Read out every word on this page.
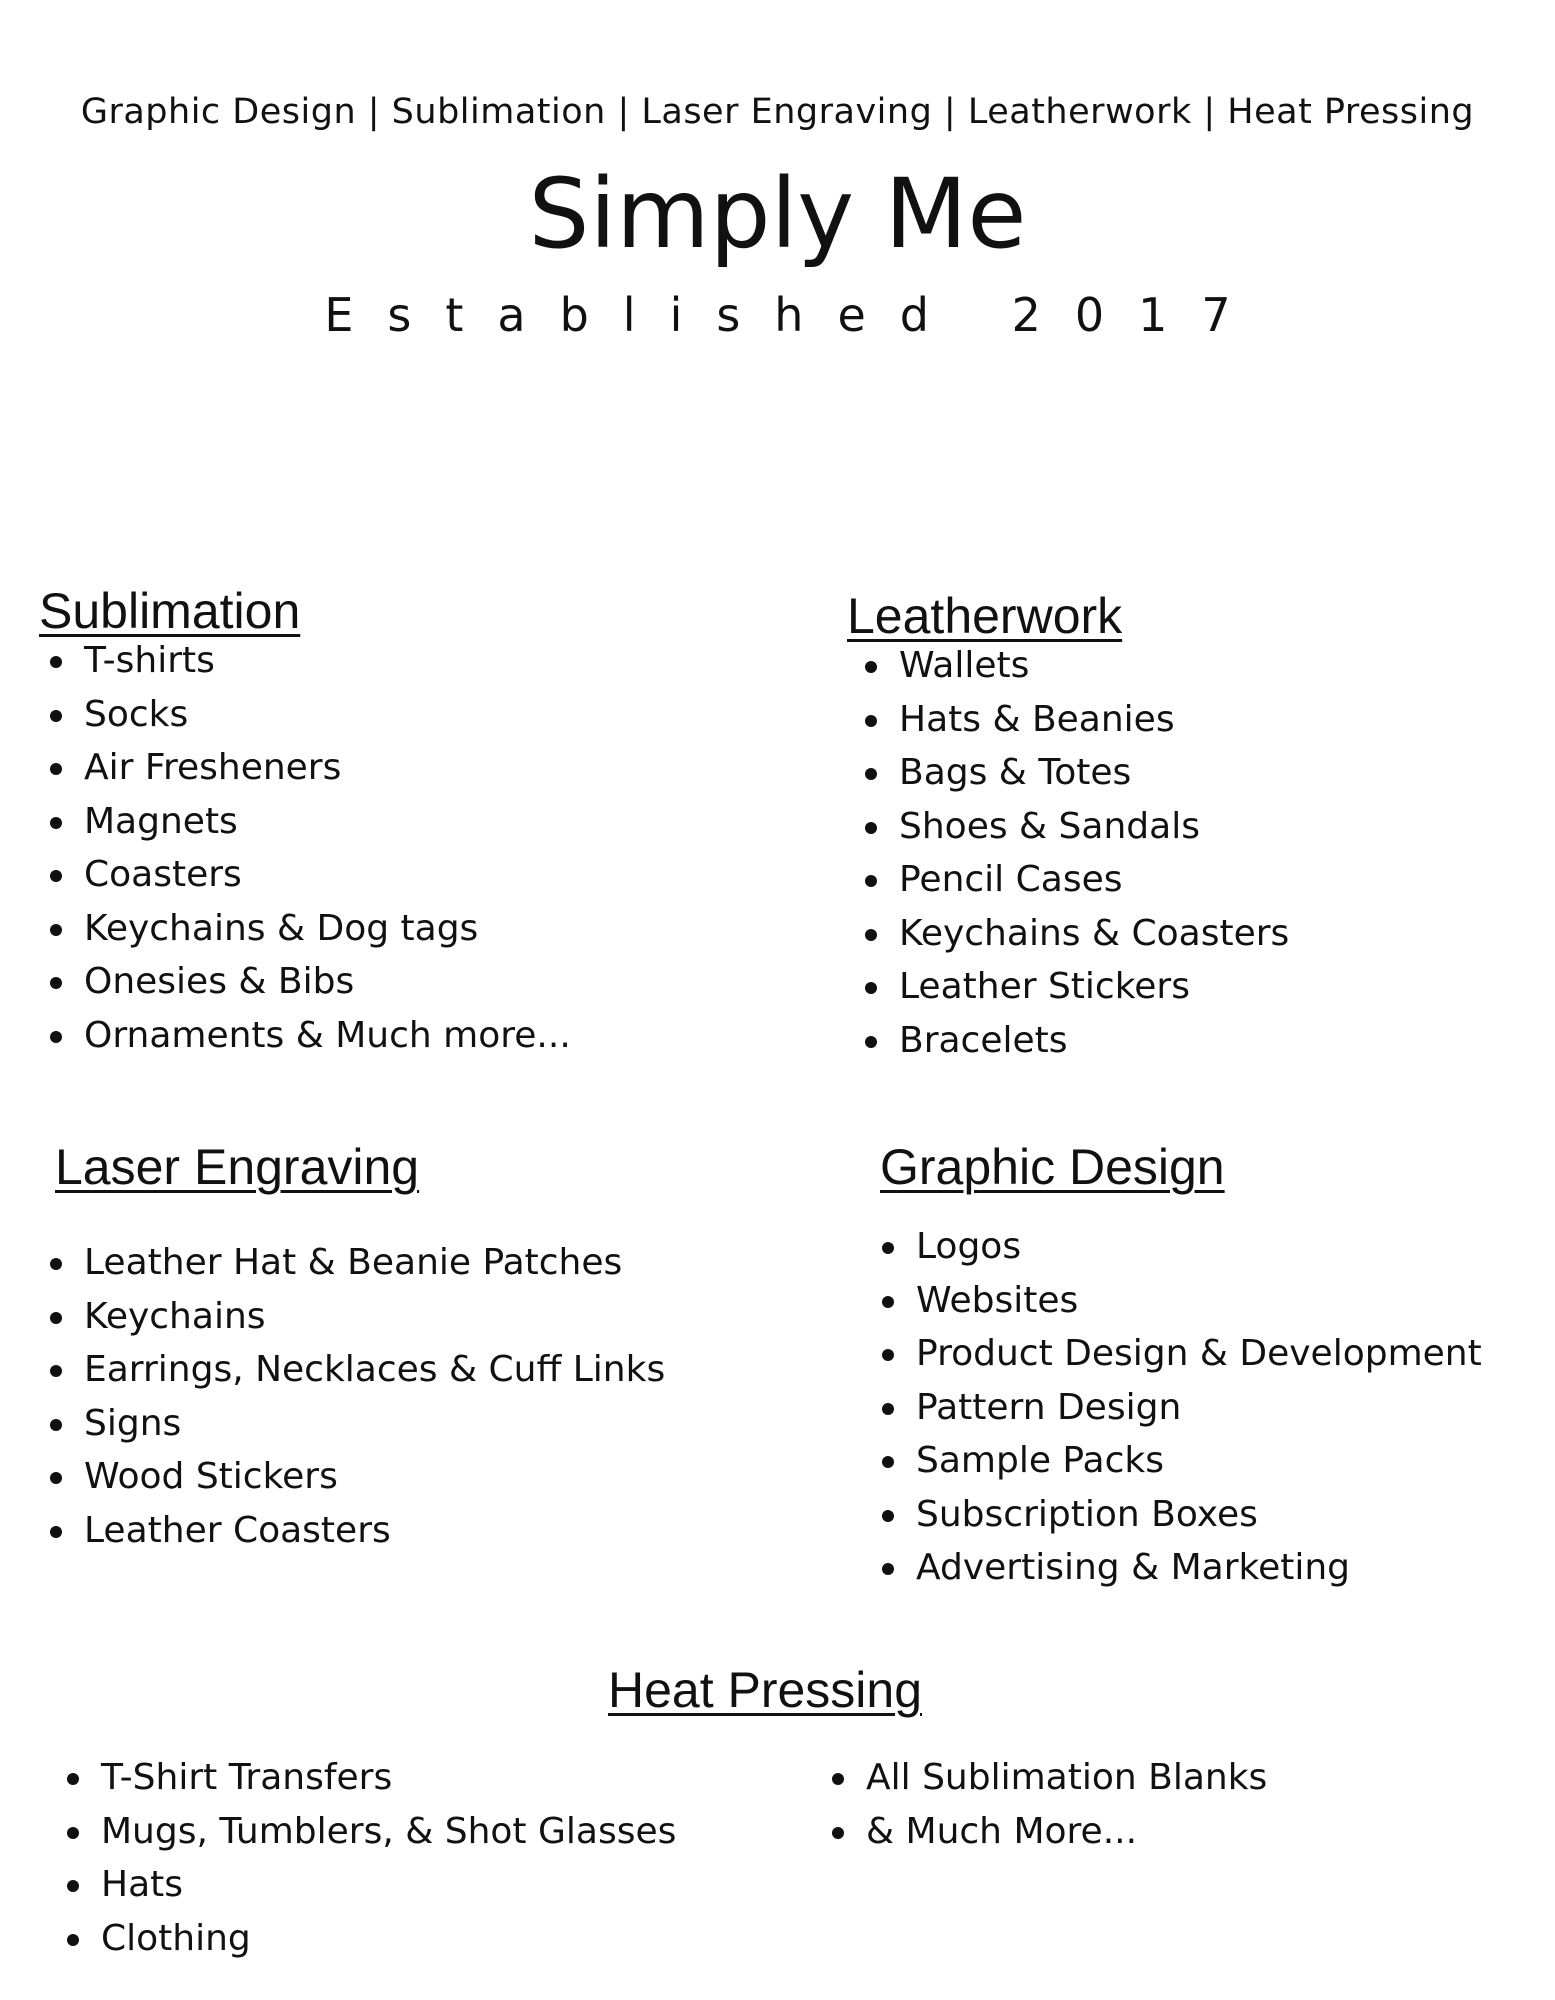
Graphic Design | Sublimation | Laser Engraving | Leatherwork | Heat Pressing
Simply Me
Established 2017
Sublimation
T-shirts
Socks
Air Fresheners
Magnets
Coasters
Keychains & Dog tags
Onesies & Bibs
Ornaments & Much more...
Leatherwork
Wallets
Hats & Beanies
Bags & Totes
Shoes & Sandals
Pencil Cases
Keychains & Coasters
Leather Stickers
Bracelets
Laser Engraving
Leather Hat & Beanie Patches
Keychains
Earrings, Necklaces & Cuff Links
Signs
Wood Stickers
Leather Coasters
Graphic Design
Logos
Websites
Product Design & Development
Pattern Design
Sample Packs
Subscription Boxes
Advertising & Marketing
Heat Pressing
T-Shirt Transfers
Mugs, Tumblers, & Shot Glasses
Hats
Clothing
All Sublimation Blanks
& Much More...
